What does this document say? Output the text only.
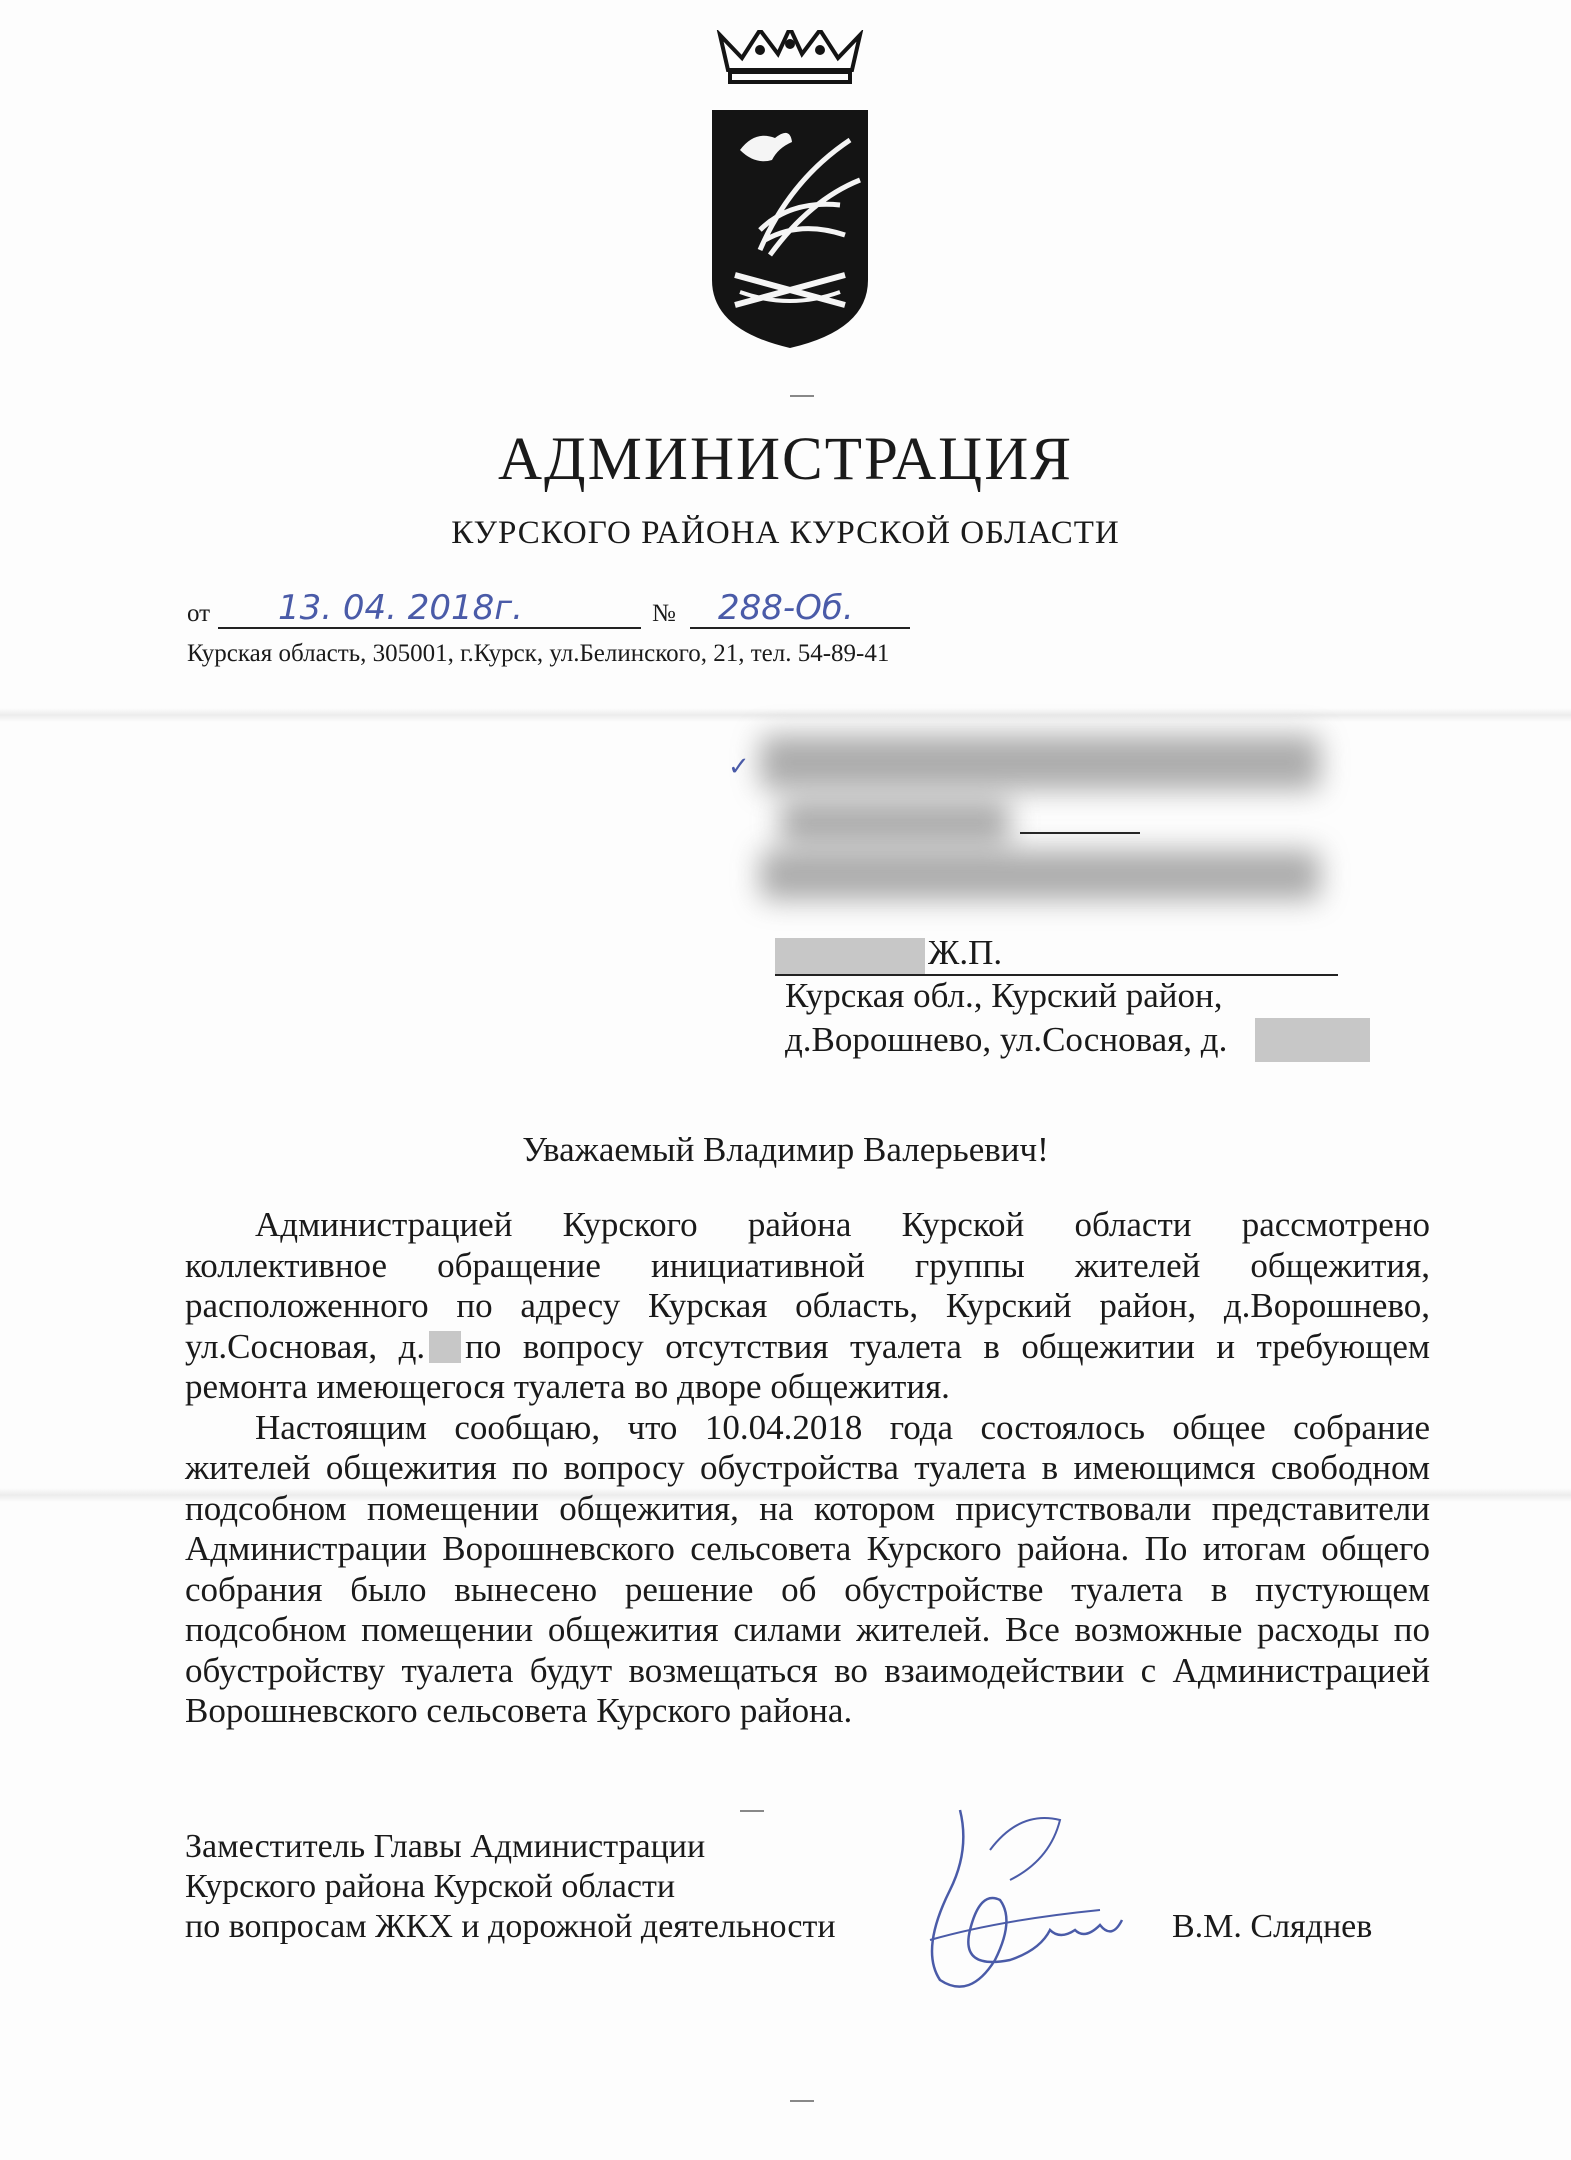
АДМИНИСТРАЦИЯ
КУРСКОГО РАЙОНА КУРСКОЙ ОБЛАСТИ
от 13. 04. 2018г.	№ 288-Об.
Курская область, 305001, г.Курск, ул.Белинского, 21, тел. 54-89-41
✓
Ж.П.
Курская обл., Курский район,
д.Ворошнево, ул.Сосновая, д.
Уважаемый Владимир Валерьевич!

Администрацией Курского района Курской области рассмотрено коллективное обращение инициативной группы жителей общежития, расположенного по адресу Курская область, Курский район, д.Ворошнево, ул.Сосновая, д. по вопросу отсутствия туалета в общежитии и требующем ремонта имеющегося туалета во дворе общежития.

Настоящим сообщаю, что 10.04.2018 года состоялось общее собрание жителей общежития по вопросу обустройства туалета в имеющимся свободном подсобном помещении общежития, на котором присутствовали представители Администрации Ворошневского сельсовета Курского района. По итогам общего собрания было вынесено решение об обустройстве туалета в пустующем подсобном помещении общежития силами жителей. Все возможные расходы по обустройству туалета будут возмещаться во взаимодействии с Администрацией Ворошневского сельсовета Курского района.

Заместитель Главы Администрации
Курского района Курской области
по вопросам ЖКХ и дорожной деятельности	В.М. Сляднев
